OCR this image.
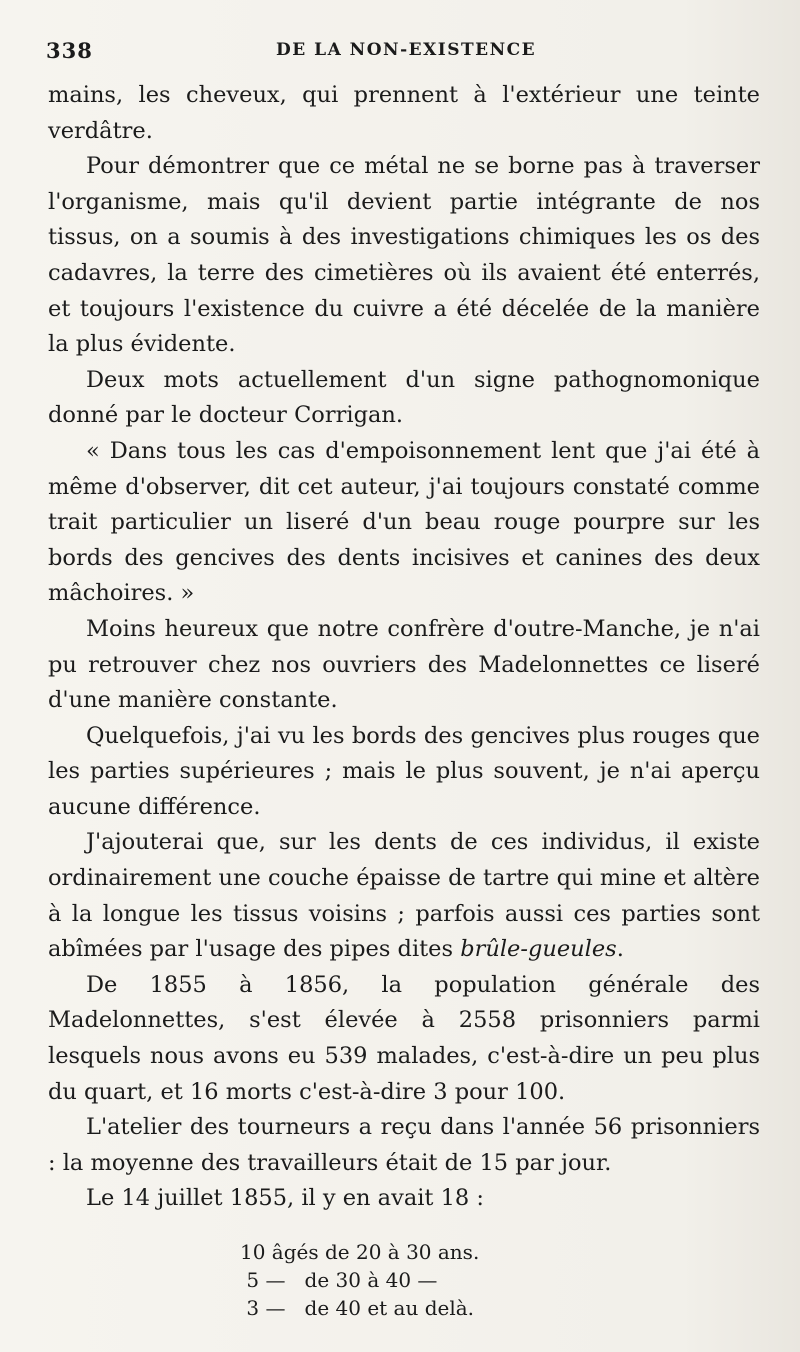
338	DE LA NON-EXISTENCE

mains, les cheveux, qui prennent à l'extérieur une teinte verdâtre.

Pour démontrer que ce métal ne se borne pas à traverser l'organisme, mais qu'il devient partie intégrante de nos tissus, on a soumis à des investigations chimiques les os des cadavres, la terre des cimetières où ils avaient été enterrés, et toujours l'existence du cuivre a été décelée de la manière la plus évidente.

Deux mots actuellement d'un signe pathognomonique donné par le docteur Corrigan.

« Dans tous les cas d'empoisonnement lent que j'ai été à même d'observer, dit cet auteur, j'ai toujours constaté comme trait particulier un liseré d'un beau rouge pourpre sur les bords des gencives des dents incisives et canines des deux mâchoires. »

Moins heureux que notre confrère d'outre-Manche, je n'ai pu retrouver chez nos ouvriers des Madelonnettes ce liseré d'une manière constante.

Quelquefois, j'ai vu les bords des gencives plus rouges que les parties supérieures ; mais le plus souvent, je n'ai aperçu aucune différence.

J'ajouterai que, sur les dents de ces individus, il existe ordinairement une couche épaisse de tartre qui mine et altère à la longue les tissus voisins ; parfois aussi ces parties sont abîmées par l'usage des pipes dites brûle-gueules.

De 1855 à 1856, la population générale des Madelonnettes, s'est élevée à 2558 prisonniers parmi lesquels nous avons eu 539 malades, c'est-à-dire un peu plus du quart, et 16 morts c'est-à-dire 3 pour 100.

L'atelier des tourneurs a reçu dans l'année 56 prisonniers : la moyenne des travailleurs était de 15 par jour.

Le 14 juillet 1855, il y en avait 18 :

10 âgés de 20 à 30 ans.
5 —   de 30 à 40 —
3 —   de 40 et au delà.
